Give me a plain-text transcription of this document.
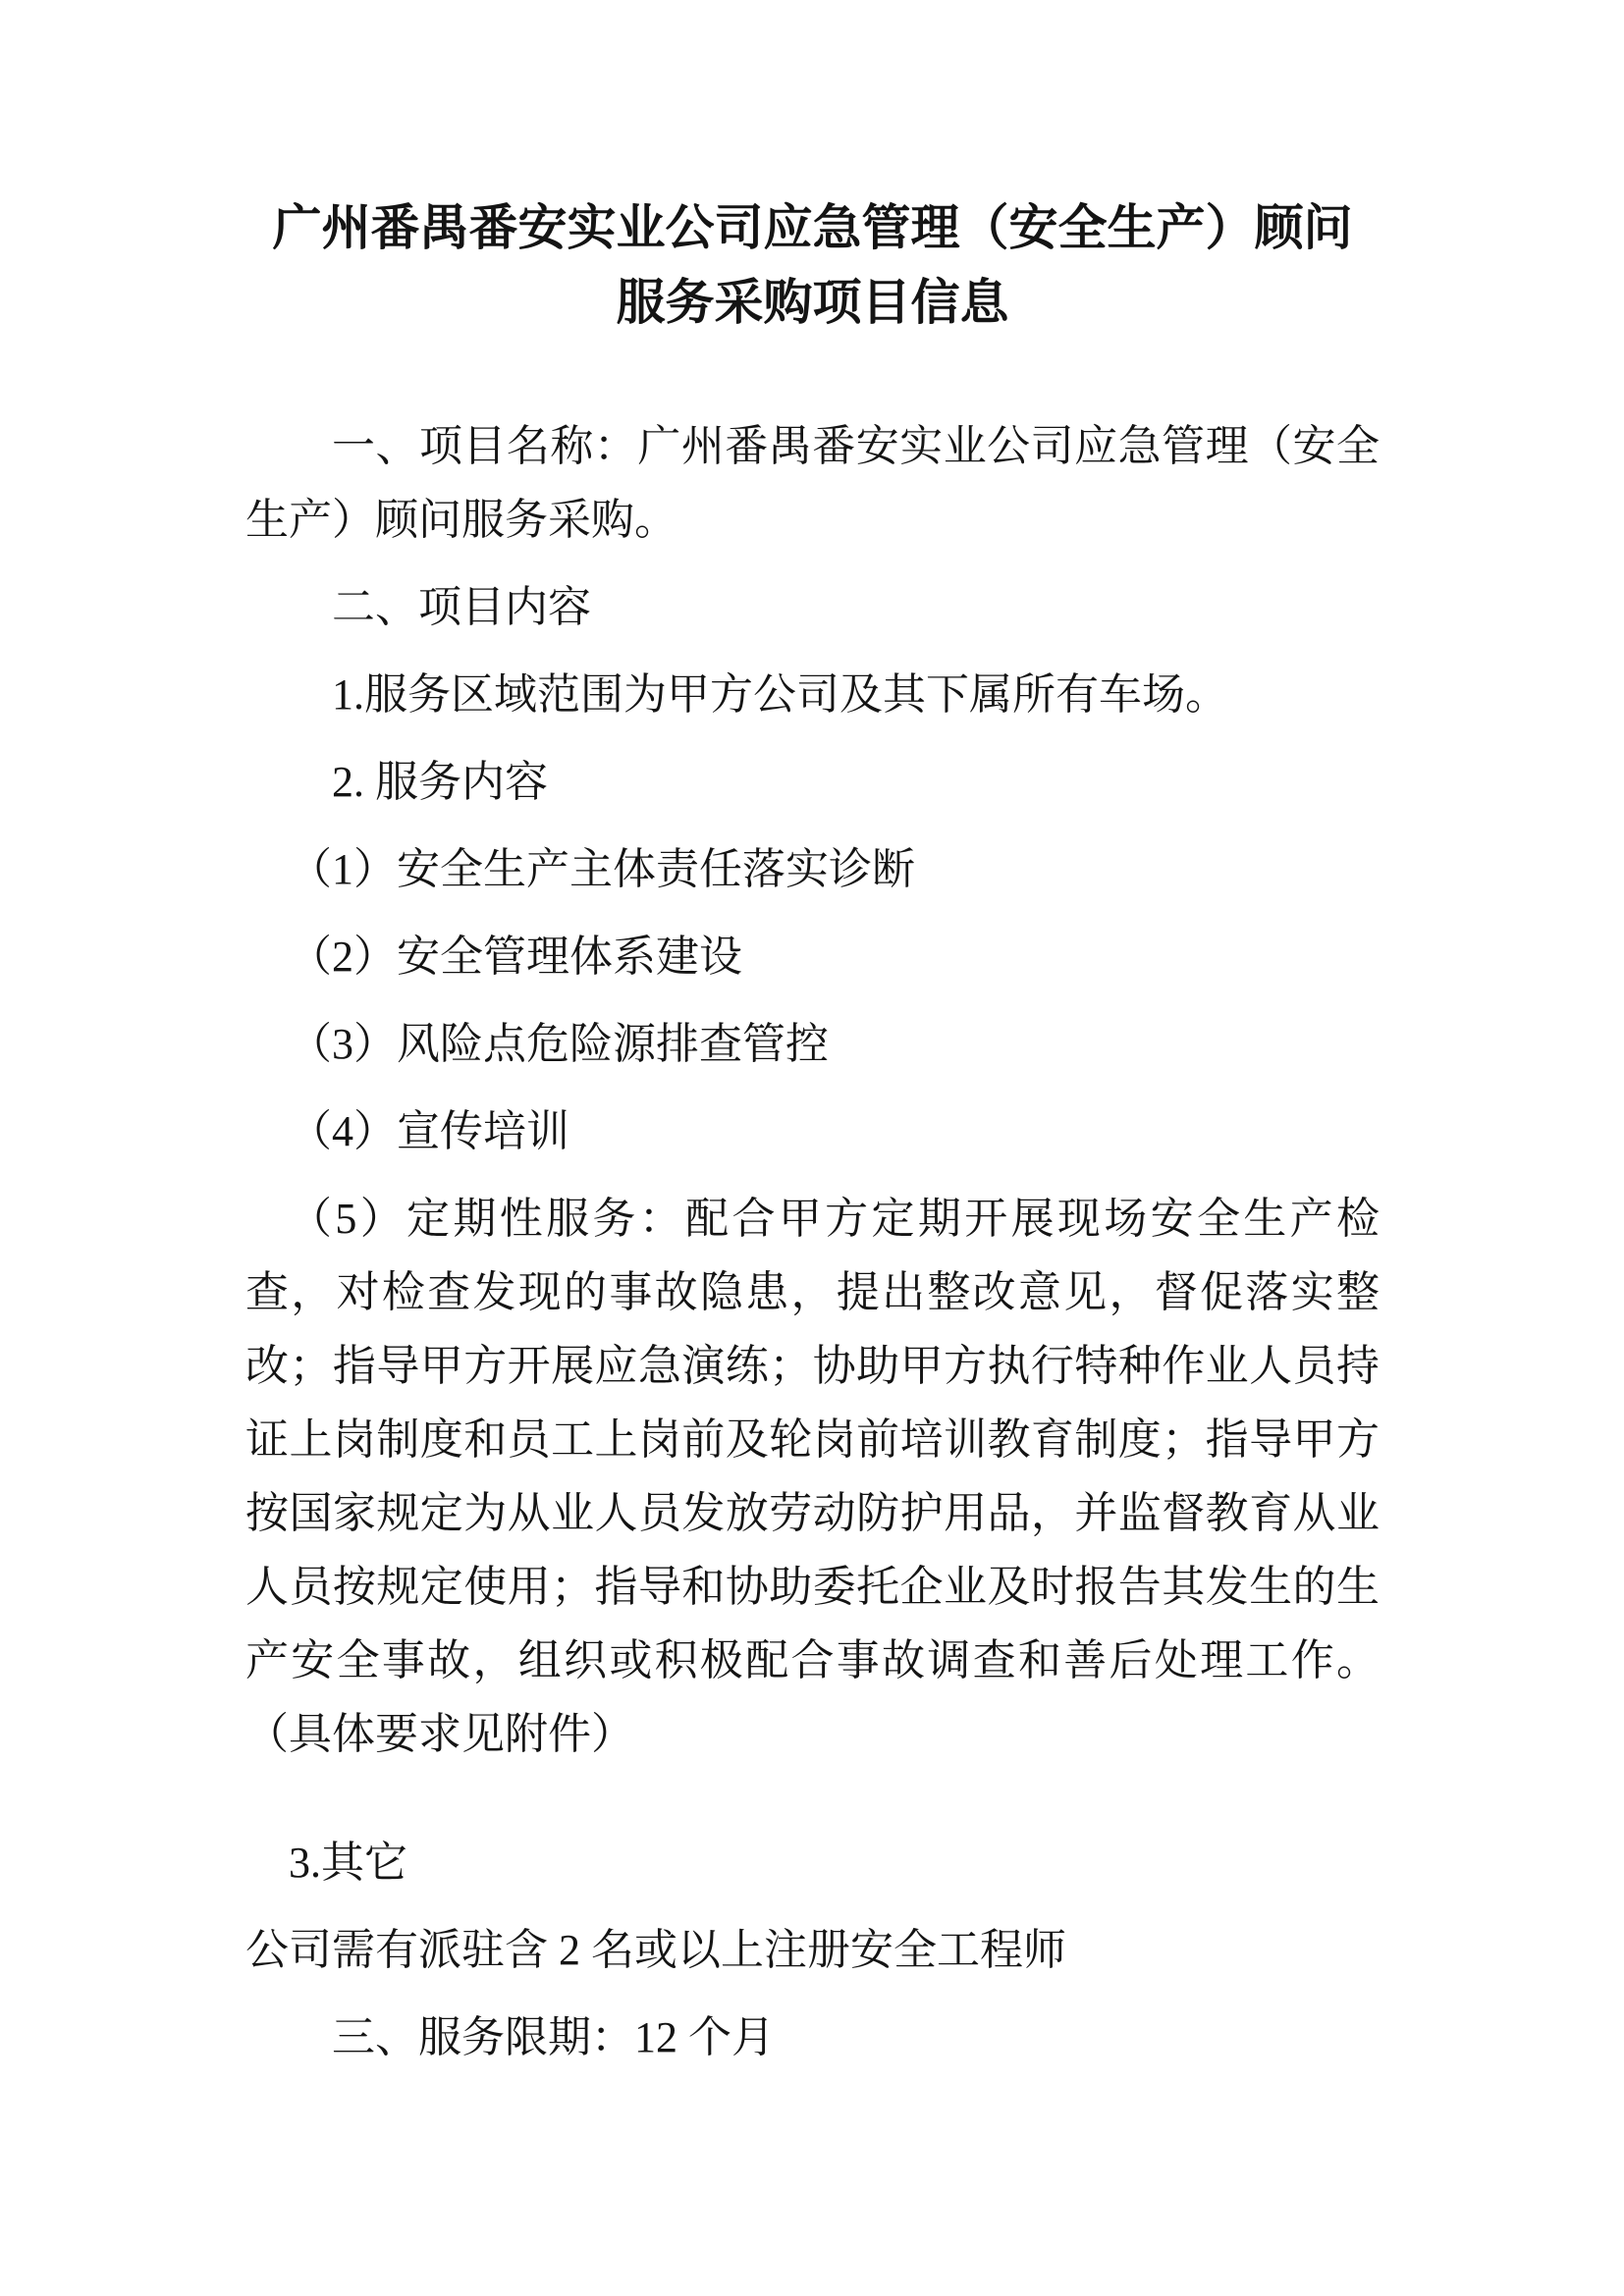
广州番禺番安实业公司应急管理（安全生产）顾问
服务采购项目信息

一、项目名称：广州番禺番安实业公司应急管理（安全生产）顾问服务采购。

二、项目内容

1.服务区域范围为甲方公司及其下属所有车场。

2. 服务内容

（1）安全生产主体责任落实诊断

（2）安全管理体系建设

（3）风险点危险源排查管控

（4）宣传培训

（5）定期性服务：配合甲方定期开展现场安全生产检查，对检查发现的事故隐患，提出整改意见，督促落实整改；指导甲方开展应急演练；协助甲方执行特种作业人员持证上岗制度和员工上岗前及轮岗前培训教育制度；指导甲方按国家规定为从业人员发放劳动防护用品，并监督教育从业人员按规定使用；指导和协助委托企业及时报告其发生的生产安全事故，组织或积极配合事故调查和善后处理工作。（具体要求见附件）

3.其它

公司需有派驻含 2 名或以上注册安全工程师

三、服务限期：12 个月
